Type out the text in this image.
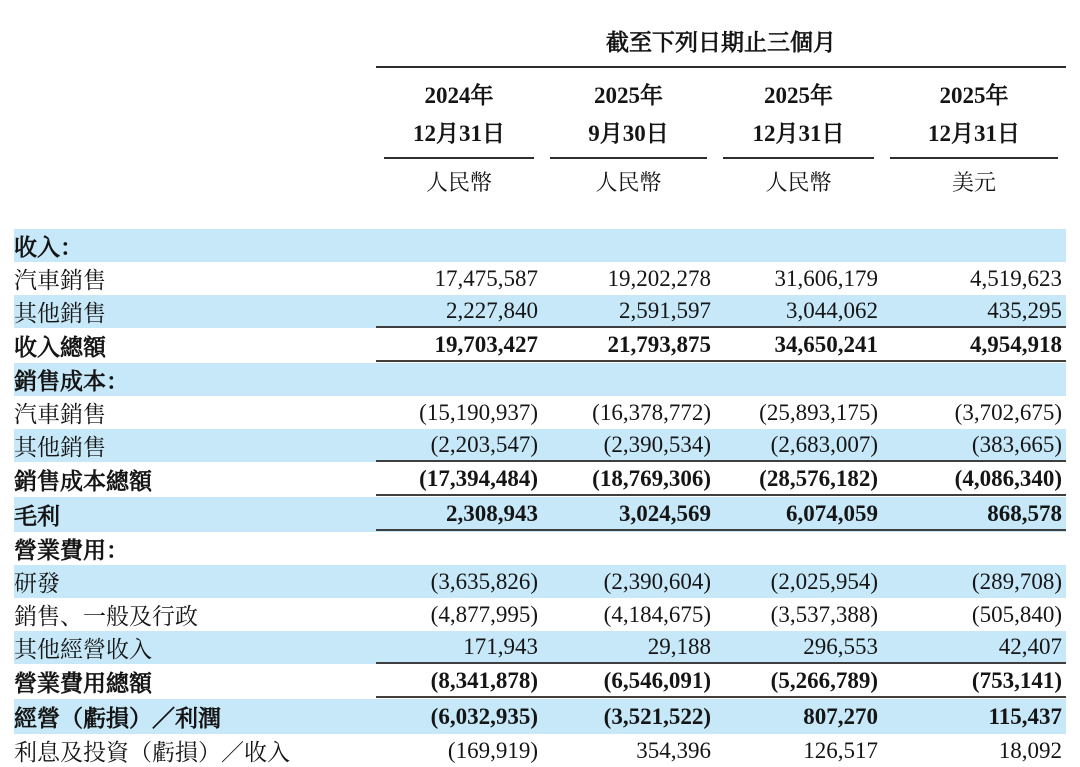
	截至下列日期止三個月			

2024年
12月31日
人民幣

2025年
9月30日
人民幣

2025年
12月31日
人民幣

2025年
12月31日
美元

收入：	

汽車銷售	17,475,587	19,202,278	31,606,179	4,519,623

其他銷售	2,227,840	2,591,597	3,044,062	435,295

收入總額	19,703,427	21,793,875	34,650,241	4,954,918

銷售成本：	

汽車銷售	(15,190,937)	(16,378,772)	(25,893,175)	(3,702,675)

其他銷售	(2,203,547)	(2,390,534)	(2,683,007)	(383,665)

銷售成本總額	(17,394,484)	(18,769,306)	(28,576,182)	(4,086,340)

毛利	2,308,943	3,024,569	6,074,059	868,578

營業費用：	

研發	(3,635,826)	(2,390,604)	(2,025,954)	(289,708)

銷售、一般及行政	(4,877,995)	(4,184,675)	(3,537,388)	(505,840)

其他經營收入	171,943	29,188	296,553	42,407

營業費用總額	(8,341,878)	(6,546,091)	(5,266,789)	(753,141)

經營（虧損）／利潤	(6,032,935)	(3,521,522)	807,270	115,437

利息及投資（虧損）／收入	(169,919)	354,396	126,517	18,092
